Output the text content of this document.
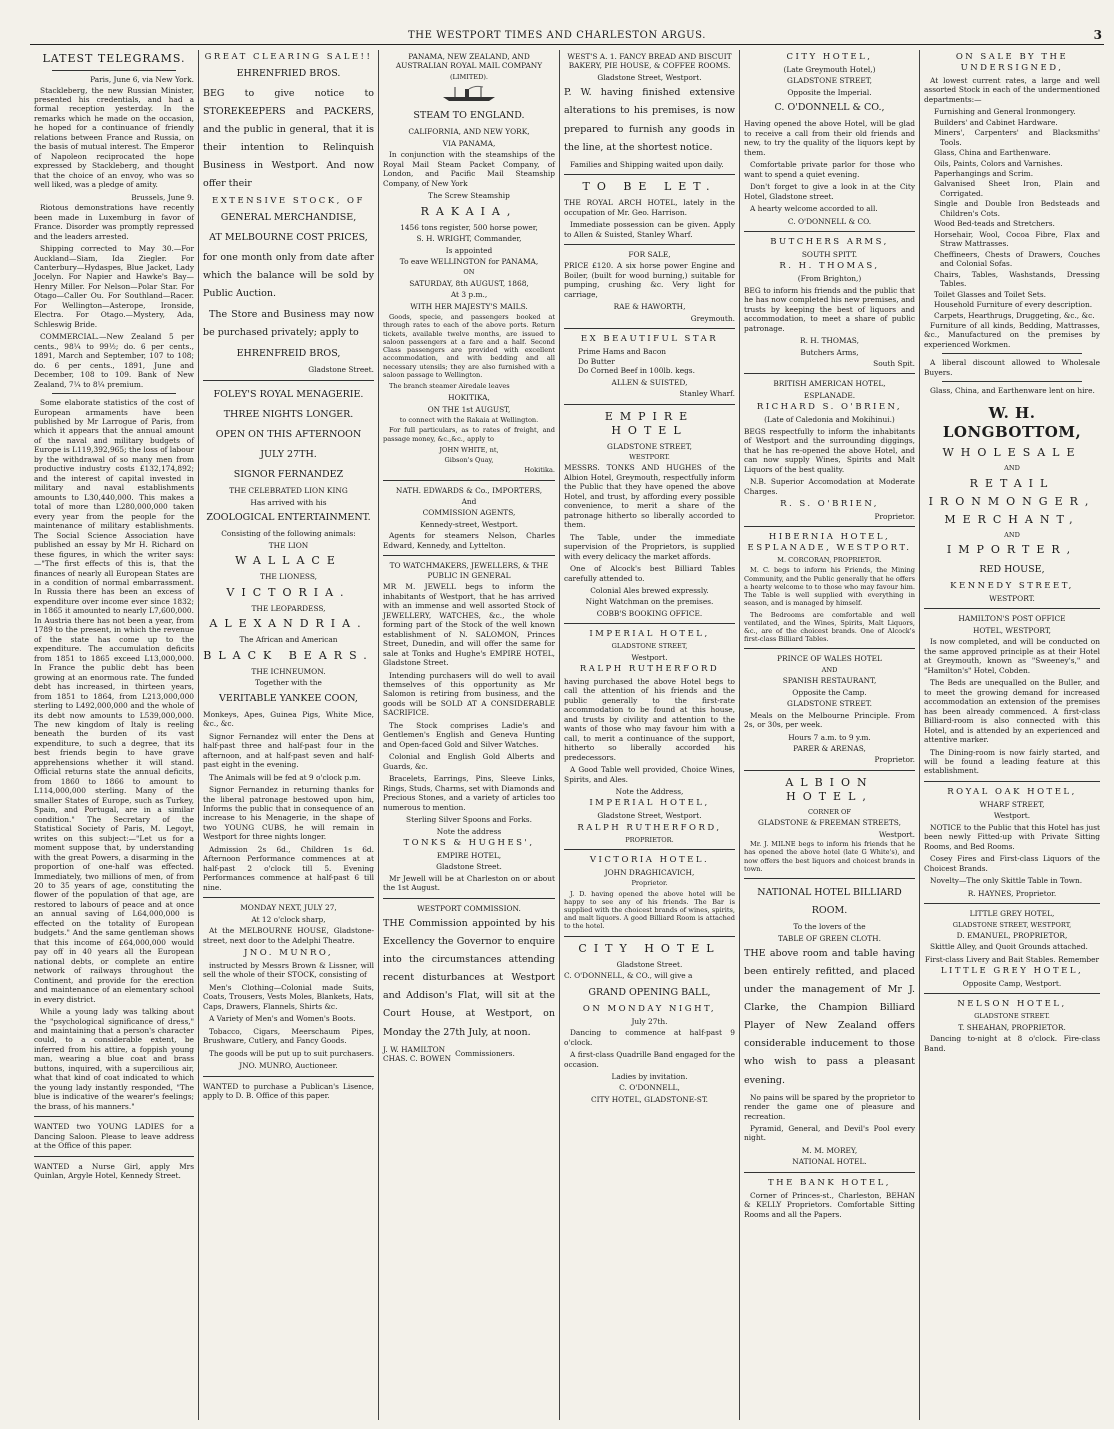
THE WESTPORT TIMES AND CHARLESTON ARGUS.	3
LATEST TELEGRAMS.
Paris, June 6, via New York.

Stackleberg, the new Russian Minister, presented his credentials, and had a formal reception yesterday. In the remarks which he made on the occasion, he hoped for a continuance of friendly relations between France and Russia, on the basis of mutual interest. The Emperor of Napoleon reciprocated the hope expressed by Stackleberg, and thought that the choice of an envoy, who was so well liked, was a pledge of amity.

Brussels, June 9.

Riotous demonstrations have recently been made in Luxemburg in favor of France. Disorder was promptly repressed and the leaders arrested.

Shipping corrected to May 30.—For Auckland—Siam, Ida Ziegler. For Canterbury—Hydaspes, Blue Jacket, Lady Jocelyn. For Napier and Hawke's Bay—Henry Miller. For Nelson—Polar Star. For Otago—Caller Ou. For Southland—Racer. For Wellington—Asterope, Ironside, Electra. For Otago.—Mystery, Ada, Schleswig Bride.

COMMERCIAL.—New Zealand 5 per cents., 98¼ to 99½; do. 6 per cents., 1891, March and September, 107 to 108; do. 6 per cents., 1891, June and December, 108 to 109. Bank of New Zealand, 7¼ to 8¼ premium.

Some elaborate statistics of the cost of European armaments have been published by Mr Larrogue of Paris, from which it appears that the annual amount of the naval and military budgets of Europe is L119,392,965; the loss of labour by the withdrawal of so many men from productive industry costs £132,174,892; and the interest of capital invested in military and naval establishments amounts to L30,440,000. This makes a total of more than L280,000,000 taken every year from the people for the maintenance of military establishments. The Social Science Association have published an essay by Mr H. Richard on these figures, in which the writer says:—"The first effects of this is, that the finances of nearly all European States are in a condition of normal embarrassment. In Russia there has been an excess of expenditure over income ever since 1832; in 1865 it amounted to nearly L7,600,000. In Austria there has not been a year, from 1789 to the present, in which the revenue of the state has come up to the expenditure. The accumulation deficits from 1851 to 1865 exceed L13,000,000. In France the public debt has been growing at an enormous rate. The funded debt has increased, in thirteen years, from 1851 to 1864, from L213,000,000 sterling to L492,000,000 and the whole of its debt now amounts to L539,000,000. The new kingdom of Italy is reeling beneath the burden of its vast expenditure, to such a degree, that its best friends begin to have grave apprehensions whether it will stand. Official returns state the annual deficits, from 1860 to 1866 to amount to L114,000,000 sterling. Many of the smaller States of Europe, such as Turkey, Spain, and Portugal, are in a similar condition." The Secretary of the Statistical Society of Paris, M. Legoyt, writes on this subject:—"Let us for a moment suppose that, by understanding with the great Powers, a disarming in the proportion of one-half was effected. Immediately, two millions of men, of from 20 to 35 years of age, constituting the flower of the population of that age, are restored to labours of peace and at once an annual saving of L64,000,000 is effected on the totality of European budgets." And the same gentleman shows that this income of £64,000,000 would pay off in 40 years all the European national debts, or complete an entire network of railways throughout the Continent, and provide for the erection and maintenance of an elementary school in every district.

While a young lady was talking about the "psychological significance of dress," and maintaining that a person's character could, to a considerable extent, be inferred from his attire, a foppish young man, wearing a blue coat and brass buttons, inquired, with a supercilious air, what that kind of coat indicated to which the young lady instantly responded, "The blue is indicative of the wearer's feelings; the brass, of his manners."

WANTED two YOUNG LADIES for a Dancing Saloon. Please to leave address at the Office of this paper.

WANTED a Nurse Girl, apply Mrs Quinlan, Argyle Hotel, Kennedy Street.

GREAT CLEARING SALE!!
EHRENFRIED BROS.

BEG to give notice to STOREKEEPERS and PACKERS, and the public in general, that it is their intention to Relinquish Business in Westport. And now offer their

EXTENSIVE STOCK, OF
GENERAL MERCHANDISE,
AT MELBOURNE COST PRICES,

for one month only from date after which the balance will be sold by Public Auction.

The Store and Business may now be purchased privately; apply to

EHRENFREID BROS,
Gladstone Street.
FOLEY'S ROYAL MENAGERIE.
THREE NIGHTS LONGER.
OPEN ON THIS AFTERNOON
JULY 27TH.
SIGNOR FERNANDEZ
THE CELEBRATED LION KING
Has arrived with his
ZOOLOGICAL ENTERTAINMENT.
Consisting of the following animals:
THE LION
WALLACE
THE LIONESS,
VICTORIA.
THE LEOPARDESS,
ALEXANDRIA.
The African and American
BLACK BEARS.
THE ICHNEUMON.
Together with the
VERITABLE YANKEE COON,

Monkeys, Apes, Guinea Pigs, White Mice, &c., &c.

Signor Fernandez will enter the Dens at half-past three and half-past four in the afternoon, and at half-past seven and half-past eight in the evening.

The Animals will be fed at 9 o'clock p.m.

Signor Fernandez in returning thanks for the liberal patronage bestowed upon him, Informs the public that in consequence of an increase to his Menagerie, in the shape of two YOUNG CUBS, he will remain in Westport for three nights longer.

Admission 2s 6d., Children 1s 6d. Afternoon Performance commences at at half-past 2 o'clock till 5. Evening Performances commence at half-past 6 till nine.

MONDAY NEXT, JULY 27,
At 12 o'clock sharp,

At the MELBOURNE HOUSE, Gladstone-street, next door to the Adelphi Theatre.

JNO. MUNRO,

instructed by Messrs Brown & Lissner, will sell the whole of their STOCK, consisting of

Men's Clothing—Colonial made Suits, Coats, Trousers, Vests Moles, Blankets, Hats, Caps, Drawers, Flannels, Shirts &c.

A Variety of Men's and Women's Boots.

Tobacco, Cigars, Meerschaum Pipes, Brushware, Cutlery, and Fancy Goods.

The goods will be put up to suit purchasers.

JNO. MUNRO, Auctioneer.

WANTED to purchase a Publican's Lisence, apply to D. B. Office of this paper.

PANAMA, NEW ZEALAND, AND AUSTRALIAN ROYAL MAIL COMPANY
(LIMITED).
STEAM TO ENGLAND.
CALIFORNIA, AND NEW YORK,
VIA PANAMA,

In conjunction with the steamships of the Royal Mail Steam Packet Company, of London, and Pacific Mail Steamship Company, of New York

The Screw Steamship
RAKAIA,
1456 tons register, 500 horse power,
S. H. WRIGHT, Commander,
Is appointed
To eave WELLINGTON for PANAMA,
ON
SATURDAY, 8th AUGUST, 1868,
At 3 p.m.,
WITH HER MAJESTY'S MAILS.

Goods, specie, and passengers booked at through rates to each of the above ports. Return tickets, available twelve months, are issued to saloon passengers at a fare and a half. Second Class passengers are provided with excellent accommodation, and with bedding and all necessary utensils; they are also furnished with a saloon passage to Wellington.

The branch steamer Airedale leaves

HOKITIKA,
ON THE 1st AUGUST,
to connect with the Rakaia at Wellington.

For full particulars, as to rates of freight, and passage money, &c.,&c., apply to

JOHN WHITE, nt,
Gibson's Quay,
Hokitika.
NATH. EDWARDS & Co., IMPORTERS,
And
COMMISSION AGENTS,
Kennedy-street, Westport.

Agents for steamers Nelson, Charles Edward, Kennedy, and Lyttelton.

TO WATCHMAKERS, JEWELLERS, & THE PUBLIC IN GENERAL

MR M. JEWELL begs to inform the inhabitants of Westport, that he has arrived with an immense and well assorted Stock of JEWELLERY, WATCHES, &c., the whole forming part of the Stock of the well known establishment of N. SALOMON, Princes Street, Dunedin, and will offer the same for sale at Tonks and Hughe's EMPIRE HOTEL, Gladstone Street.

Intending purchasers will do well to avail themselves of this opportunity as Mr Salomon is retiring from business, and the goods will be SOLD AT A CONSIDERABLE SACRIFICE.

The Stock comprises Ladie's and Gentlemen's English and Geneva Hunting and Open-faced Gold and Silver Watches.

Colonial and English Gold Alberts and Guards, &c.

Bracelets, Earrings, Pins, Sleeve Links, Rings, Studs, Charms, set with Diamonds and Precious Stones, and a variety of articles too numerous to mention.

Sterling Silver Spoons and Forks.
Note the address
TONKS & HUGHES',
EMPIRE HOTEL,
Gladstone Street.

Mr Jewell will be at Charleston on or about the 1st August.

WESTPORT COMMISSION.

THE Commission appointed by his Excellency the Governor to enquire into the circumstances attending recent disturbances at Westport and Addison's Flat, will sit at the Court House, at Westport, on Monday the 27th July, at noon.

J. W. HAMILTON
CHAS. C. BOWEN
Commissioners.
WEST'S A. 1. FANCY BREAD AND BISCUIT BAKERY, PIE HOUSE, & COFFEE ROOMS.
Gladstone Street, Westport.

P. W. having finished extensive alterations to his premises, is now prepared to furnish any goods in the line, at the shortest notice.

Families and Shipping waited upon daily.

TO BE LET.

THE ROYAL ARCH HOTEL, lately in the occupation of Mr. Geo. Harrison.

Immediate possession can be given. Apply to Allen & Suisted, Stanley Wharf.

FOR SALE,

PRICE £120. A six horse power Engine and Boiler, (built for wood burning,) suitable for pumping, crushing &c. Very light for carriage,

RAE & HAWORTH,
Greymouth.
EX BEAUTIFUL STAR
Prime Hams and Bacon
Do Butter
Do Corned Beef in 100lb. kegs.
ALLEN & SUISTED,
Stanley Wharf.
EMPIRE HOTEL
GLADSTONE STREET,
WESTPORT.

MESSRS. TONKS AND HUGHES of the Albion Hotel, Greymouth, respectfully inform the Public that they have opened the above Hotel, and trust, by affording every possible convenience, to merit a share of the patronage hitherto so liberally accorded to them.

The Table, under the immediate supervision of the Proprietors, is supplied with every delicacy the market affords.

One of Alcock's best Billiard Tables carefully attended to.

Colonial Ales brewed expressly.
Night Watchman on the premises.
COBB'S BOOKING OFFICE.
IMPERIAL HOTEL,
GLADSTONE STREET,
Westport.
RALPH RUTHERFORD

having purchased the above Hotel begs to call the attention of his friends and the public generally to the first-rate accommodation to be found at this house, and trusts by civility and attention to the wants of those who may favour him with a call, to merit a continuance of the support, hitherto so liberally accorded his predecessors.

A Good Table well provided, Choice Wines, Spirits, and Ales.

Note the Address,
IMPERIAL HOTEL,
Gladstone Street, Westport.
RALPH RUTHERFORD,
PROPRIETOR.
VICTORIA HOTEL.
JOHN DRAGHICAVICH,
Proprietor.

J. D. having opened the above hotel will be happy to see any of his friends. The Bar is supplied with the choicest brands of wines, spirits, and malt liquors. A good Billiard Room is attached to the hotel.

CITY HOTEL
Gladstone Street.

C. O'DONNELL, & CO., will give a

GRAND OPENING BALL,
ON MONDAY NIGHT,
July 27th.

Dancing to commence at half-past 9 o'clock.

A first-class Quadrille Band engaged for the occasion.

Ladies by invitation.
C. O'DONNELL,
CITY HOTEL, GLADSTONE-ST.
CITY HOTEL,
(Late Greymouth Hotel,)
GLADSTONE STREET,
Opposite the Imperial.
C. O'DONNELL & CO.,

Having opened the above Hotel, will be glad to receive a call from their old friends and new, to try the quality of the liquors kept by them.

Comfortable private parlor for those who want to spend a quiet evening.

Don't forget to give a look in at the City Hotel, Gladstone street.

A hearty welcome accorded to all.

C. O'DONNELL & CO.
BUTCHERS ARMS,
SOUTH SPITT.
R. H. THOMAS,
(From Brighton,)

BEG to inform his friends and the public that he has now completed his new premises, and trusts by keeping the best of liquors and accommodation, to meet a share of public patronage.

R. H. THOMAS,
Butchers Arms,
South Spit.
BRITISH AMERICAN HOTEL,
ESPLANADE.
RICHARD S. O'BRIEN,
(Late of Caledonia and Mokihinui.)

BEGS respectfully to inform the inhabitants of Westport and the surrounding diggings, that he has re-opened the above Hotel, and can now supply Wines, Spirits and Malt Liquors of the best quality.

N.B. Superior Accomodation at Moderate Charges.

R. S. O'BRIEN,
Proprietor.
HIBERNIA HOTEL, ESPLANADE, WESTPORT.
M. CORCORAN, PROPRIETOR.

M. C. begs to inform his Friends, the Mining Community, and the Public generally that he offers a hearty welcome to to those who may favour him. The Table is well supplied with everything in season, and is managed by himself.

The Bedrooms are comfortable and well ventilated, and the Wines, Spirits, Malt Liquors, &c., are of the choicest brands. One of Alcock's first-class Billiard Tables.

PRINCE OF WALES HOTEL
AND
SPANISH RESTAURANT,
Opposite the Camp.
GLADSTONE STREET.

Meals on the Melbourne Principle. From 2s, or 30s, per week.

Hours 7 a.m. to 9 y.m.
PARER & ARENAS,
Proprietor.
ALBION HOTEL,
CORNER OF
GLADSTONE & FREEMAN STREETS,
Westport.

Mr. J. MILNE begs to inform his friends that he has opened the above hotel (late G White's), and now offers the best liquors and choicest brands in town.

NATIONAL HOTEL BILLIARD ROOM.
To the lovers of the
TABLE OF GREEN CLOTH.

THE above room and table having been entirely refitted, and placed under the management of Mr J. Clarke, the Champion Billiard Player of New Zealand offers considerable inducement to those who wish to pass a pleasant evening.

No pains will be spared by the proprietor to render the game one of pleasure and recreation.

Pyramid, General, and Devil's Pool every night.

M. M. MOREY,
NATIONAL HOTEL.
THE BANK HOTEL,

Corner of Princes-st., Charleston, BEHAN & KELLY Proprietors. Comfortable Sitting Rooms and all the Papers.

ON SALE BY THE UNDERSIGNED,

At lowest current rates, a large and well assorted Stock in each of the undermentioned departments:—

Furnishing and General Ironmongery.
Builders' and Cabinet Hardware.
Miners', Carpenters' and Blacksmiths' Tools.
Glass, China and Earthenware.
Oils, Paints, Colors and Varnishes.
Paperhangings and Scrim.
Galvanised Sheet Iron, Plain and Corrigated.
Single and Double Iron Bedsteads and Children's Cots.
Wood Bed-teads and Stretchers.
Horsehair, Wool, Cocoa Fibre, Flax and Straw Mattrasses.
Cheffineers, Chests of Drawers, Couches and Colonial Sofas.
Chairs, Tables, Washstands, Dressing Tables.
Toilet Glasses and Toilet Sets.
Household Furniture of every description.
Carpets, Hearthrugs, Druggeting, &c., &c.

Furniture of all kinds, Bedding, Mattrasses, &c., Manufactured on the premises by experienced Workmen.

A liberal discount allowed to Wholesale Buyers.

Glass, China, and Earthenware lent on hire.

W. H. LONGBOTTOM,
WHOLESALE
AND
RETAIL
IRONMONGER,
MERCHANT,
AND
IMPORTER,
RED HOUSE,
KENNEDY STREET,
WESTPORT.
HAMILTON'S POST OFFICE
HOTEL, WESTPORT,

Is now completed, and will be conducted on the same approved principle as at their Hotel at Greymouth, known as "Sweeney's," and "Hamilton's" Hotel, Cobden.

The Beds are unequalled on the Buller, and to meet the growing demand for increased accommodation an extension of the premises has been already commenced. A first-class Billiard-room is also connected with this Hotel, and is attended by an experienced and attentive marker.

The Dining-room is now fairly started, and will be found a leading feature at this establishment.

ROYAL OAK HOTEL,
WHARF STREET,
Westport.

NOTICE to the Public that this Hotel has just been newly Fitted-up with Private Sitting Rooms, and Bed Rooms.

Cosey Fires and First-class Liquors of the Choicest Brands.

Novelty—The only Skittle Table in Town.

R. HAYNES, Proprietor.
LITTLE GREY HOTEL,
GLADSTONE STREET, WESTPORT,
D. EMANUEL, PROPRIETOR,

Skittle Alley, and Quoit Grounds attached.

First-class Livery and Bait Stables. Remember
LITTLE GREY HOTEL,
Opposite Camp, Westport.
NELSON HOTEL,
GLADSTONE STREET.
T. SHEAHAN, PROPRIETOR.

Dancing to-night at 8 o'clock. Fire-class Band.
